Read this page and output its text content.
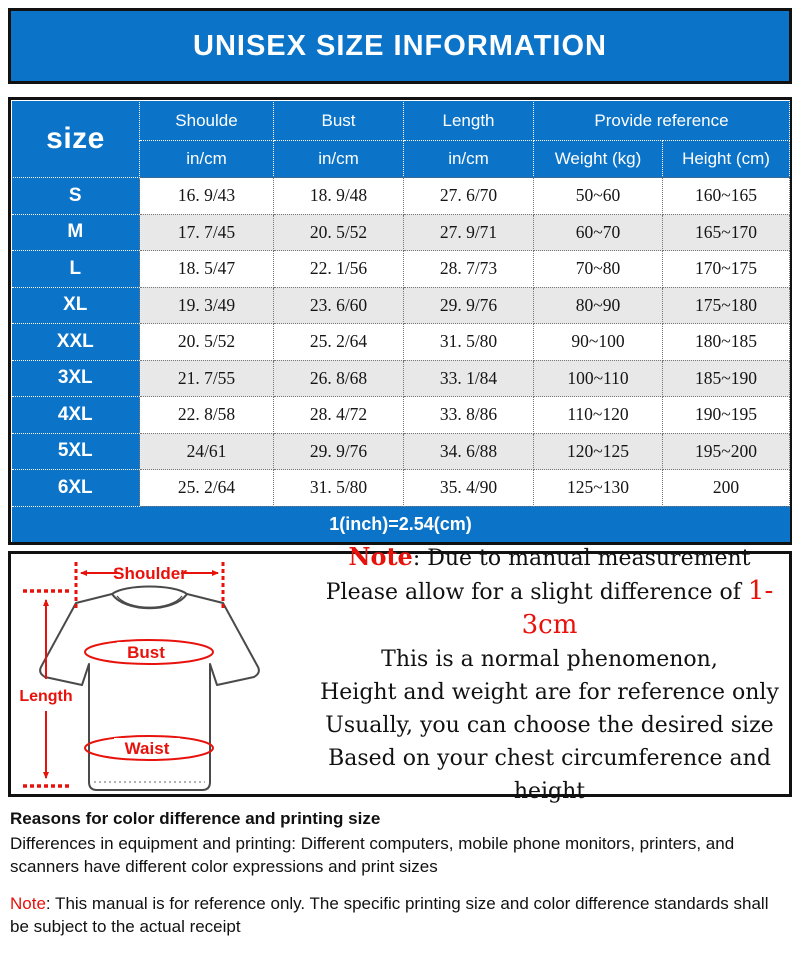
UNISEX SIZE INFORMATION
size	Shoulde	Bust	Length	Provide reference	
	in/cm	in/cm	in/cm	Weight (kg)	Height (cm)
S	16. 9/43	18. 9/48	27. 6/70	50~60	160~165
M	17. 7/45	20. 5/52	27. 9/71	60~70	165~170
L	18. 5/47	22. 1/56	28. 7/73	70~80	170~175
XL	19. 3/49	23. 6/60	29. 9/76	80~90	175~180
XXL	20. 5/52	25. 2/64	31. 5/80	90~100	180~185
3XL	21. 7/55	26. 8/68	33. 1/84	100~110	185~190
4XL	22. 8/58	28. 4/72	33. 8/86	110~120	190~195
5XL	24/61	29. 9/76	34. 6/88	120~125	195~200
6XL	25. 2/64	31. 5/80	35. 4/90	125~130	200
1(inch)=2.54(cm)					
Shoulder
Length
Bust
Waist
Note: Due to manual measurement
Please allow for a slight difference of 1-3cm
This is a normal phenomenon,
Height and weight are for reference only
Usually, you can choose the desired size
Based on your chest circumference and height
Reasons for color difference and printing size
Differences in equipment and printing: Different computers, mobile phone monitors, printers, and scanners have different color expressions and print sizes
Note: This manual is for reference only. The specific printing size and color difference standards shall be subject to the actual receipt
